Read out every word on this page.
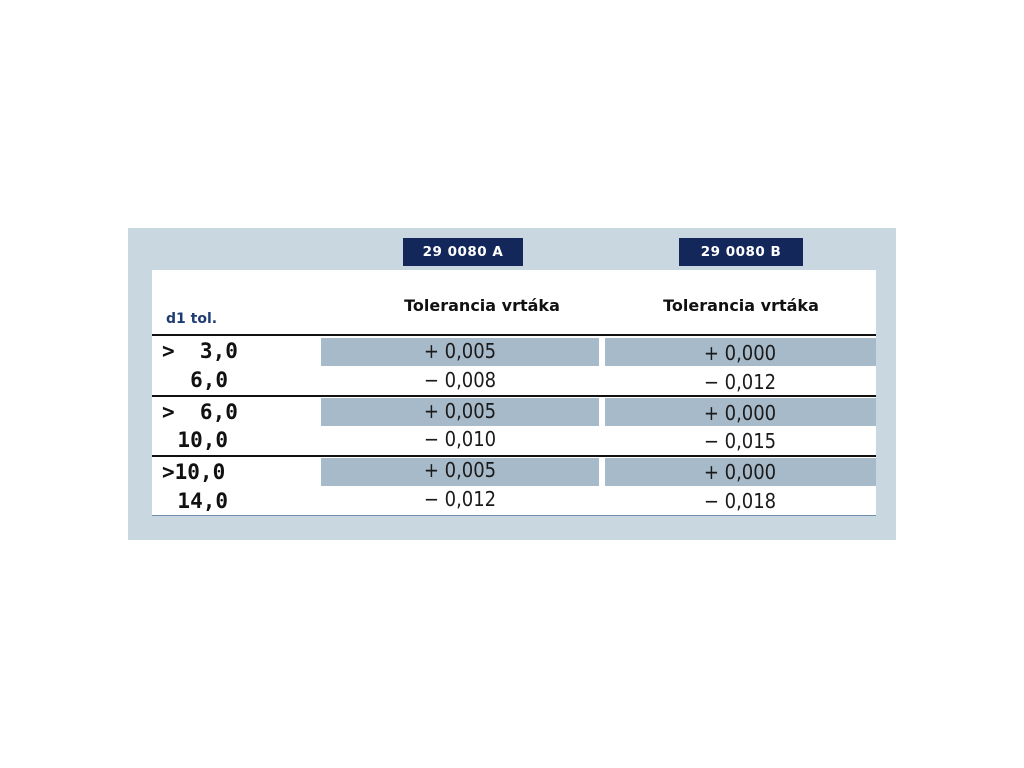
29 0080 A	29 0080 B
d1 tol.
Tolerancia vrtáka	Tolerancia vrtáka
>  3,0
6,0
+ 0,005
− 0,008
+ 0,000
− 0,012
>  6,0
10,0
+ 0,005
− 0,010
+ 0,000
− 0,015
>10,0
14,0
+ 0,005
− 0,012
+ 0,000
− 0,018
